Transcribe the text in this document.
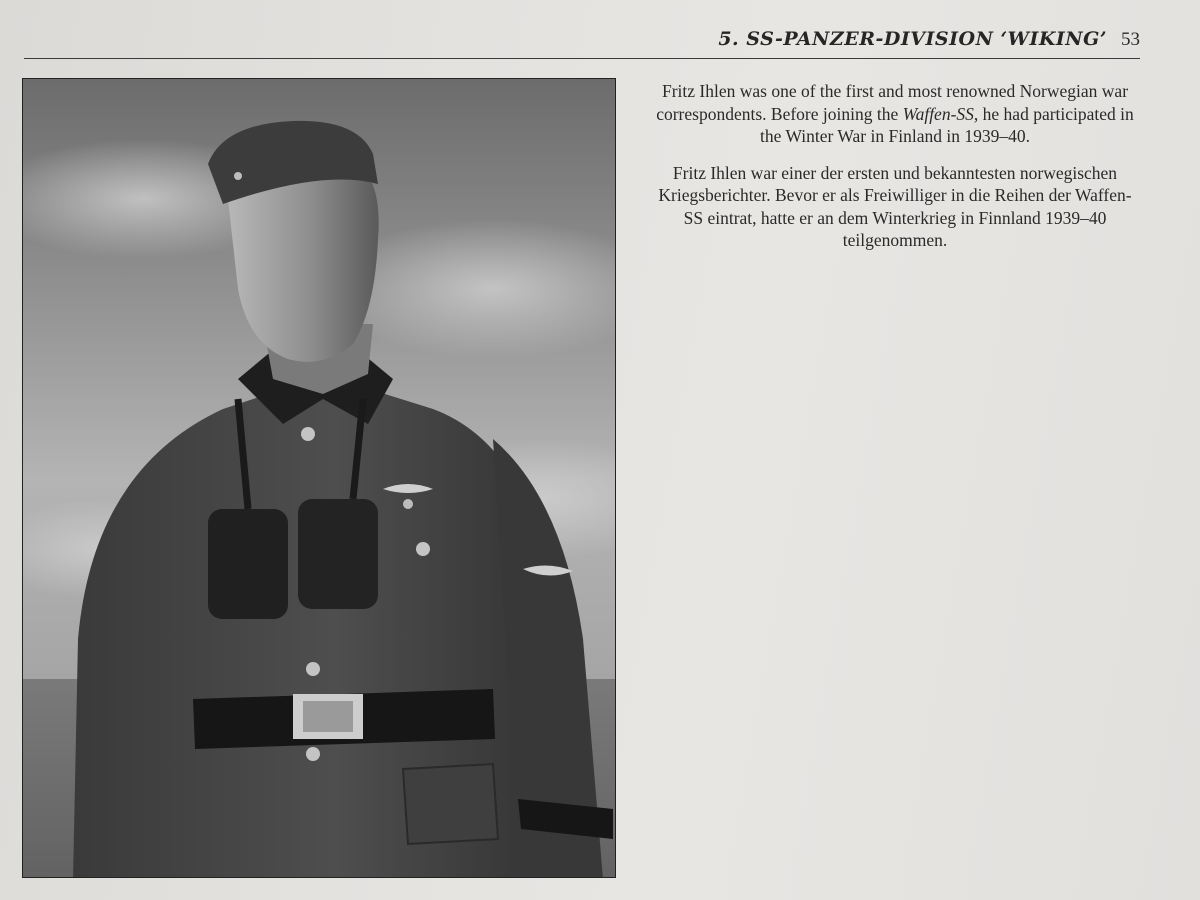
5. SS-PANZER-DIVISION ‘WIKING’ 53

Fritz Ihlen was one of the first and most renowned Norwegian war correspondents. Before joining the Waffen-SS, he had participated in the Winter War in Finland in 1939–40.

Fritz Ihlen war einer der ersten und bekanntesten norwegischen Kriegsberichter. Bevor er als Freiwilliger in die Reihen der Waffen-SS eintrat, hatte er an dem Winterkrieg in Finnland 1939–40 teilgenommen.
